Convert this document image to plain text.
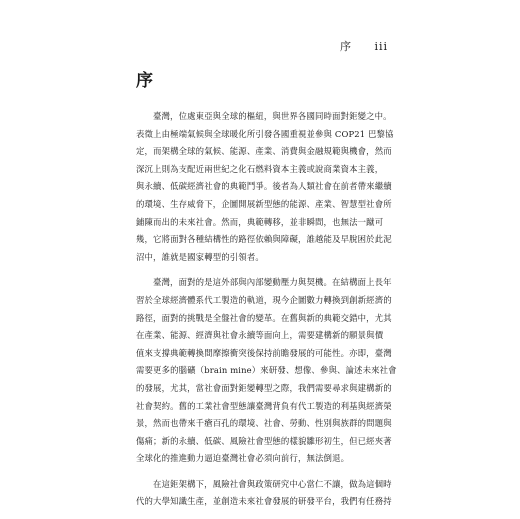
序 iii
序
臺灣，位處東亞與全球的樞紐，與世界各國同時面對鉅變之中。
表徵上由極端氣候與全球暖化所引發各國重視並參與 COP21 巴黎協
定，而架構全球的氣候、能源、產業、消費與金融規範與機會，然而
深沉上則為支配近兩世紀之化石燃料資本主義或說商業資本主義，
與永續、低碳經濟社會的典範鬥爭。後者為人類社會在前者帶來繼續
的環境、生存威脅下，企圖開展新型態的能源、產業、智慧型社會所
鋪陳而出的未來社會。然而，典範轉移，並非瞬間，也無法一蹴可
幾，它將面對各種結構性的路徑依賴與障礙，誰越能及早脫困於此泥
沼中，誰就是國家轉型的引領者。
臺灣，面對的是這外部與內部變動壓力與契機。在結構面上長年
習於全球經濟體系代工製造的軌道，現今企圖數力轉換到創新經濟的
路徑，面對的挑戰是全盤社會的變革。在舊與新的典範交錯中，尤其
在產業、能源、經濟與社會永續等面向上，需要建構新的願景與價
值來支撐典範轉換間摩擦衝突後保持前瞻發展的可能性。亦即，臺灣
需要更多的腦礦（brain mine）來研發、想像、參與、論述未來社會
的發展，尤其，當社會面對鉅變轉型之際，我們需要尋求與建構新的
社會契約。舊的工業社會型態讓臺灣背負有代工製造的利基與經濟榮
景，然而也帶來千瘡百孔的環境、社會、勞動、性別與族群的問題與
傷痛；新的永續、低碳、風險社會型態的樣貌雛形初生，但已經夾著
全球化的推進動力逼迫臺灣社會必須向前行，無法倒退。
在這鉅架構下，風險社會與政策研究中心當仁不讓，做為這個時
代的大學知識生產，並創造未來社會發展的研發平台，我們有任務持
